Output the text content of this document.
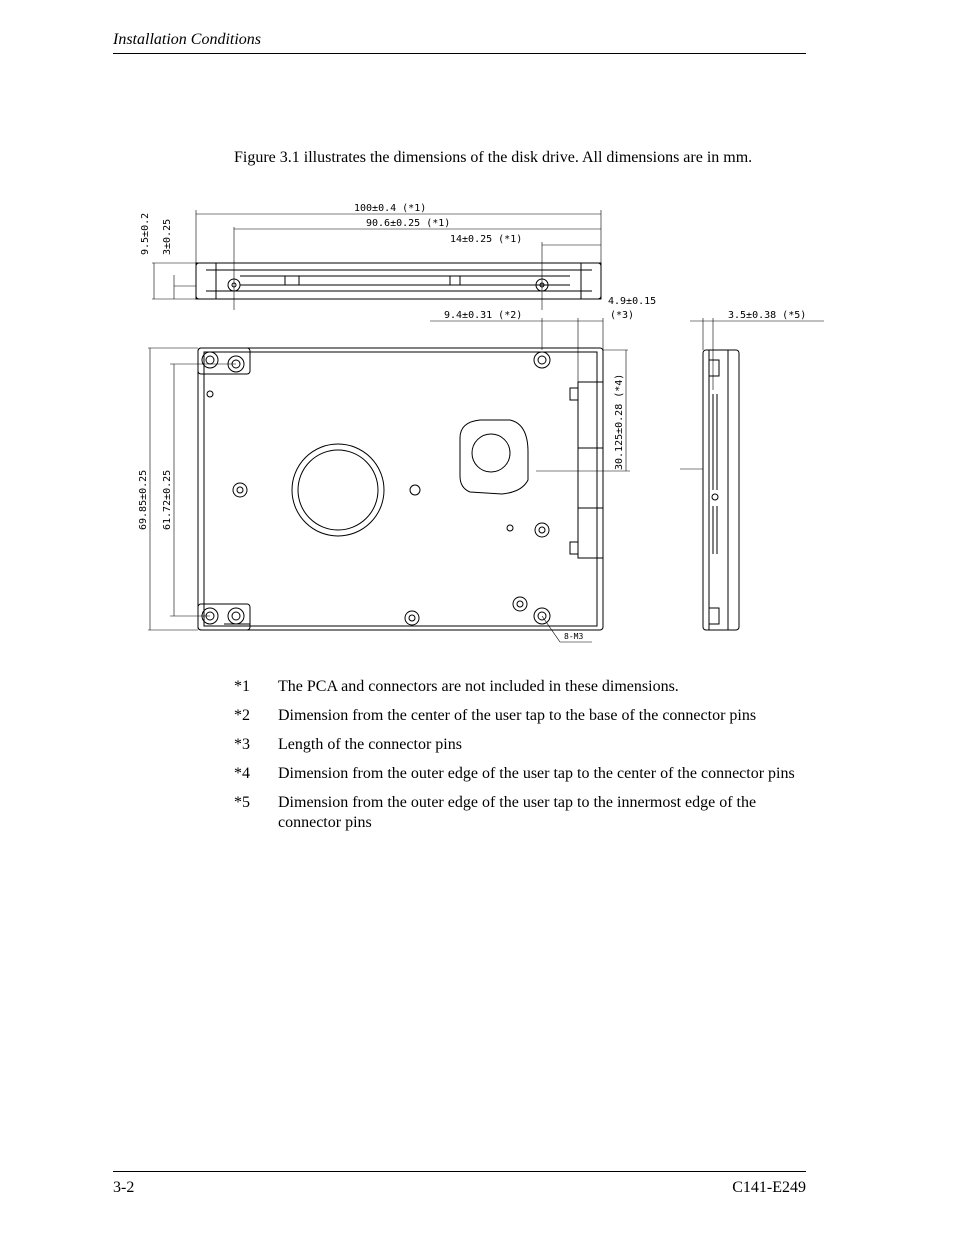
Installation Conditions
Figure 3.1 illustrates the dimensions of the disk drive. All dimensions are in mm.
100±0.4 (*1)
90.6±0.25 (*1)
14±0.25 (*1)
9.5±0.2 3±0.25
4.9±0.15
(*3)
9.4±0.31 (*2)	3.5±0.38 (*5)
69.85±0.25 61.72±0.25
30.125±0.28 (*4)
8-M3
*1	The PCA and connectors are not included in these dimensions.
*2	Dimension from the center of the user tap to the base of the connector pins
*3	Length of the connector pins
*4	Dimension from the outer edge of the user tap to the center of the connector pins
*5	Dimension from the outer edge of the user tap to the innermost edge of the connector pins
3-2	C141-E249
